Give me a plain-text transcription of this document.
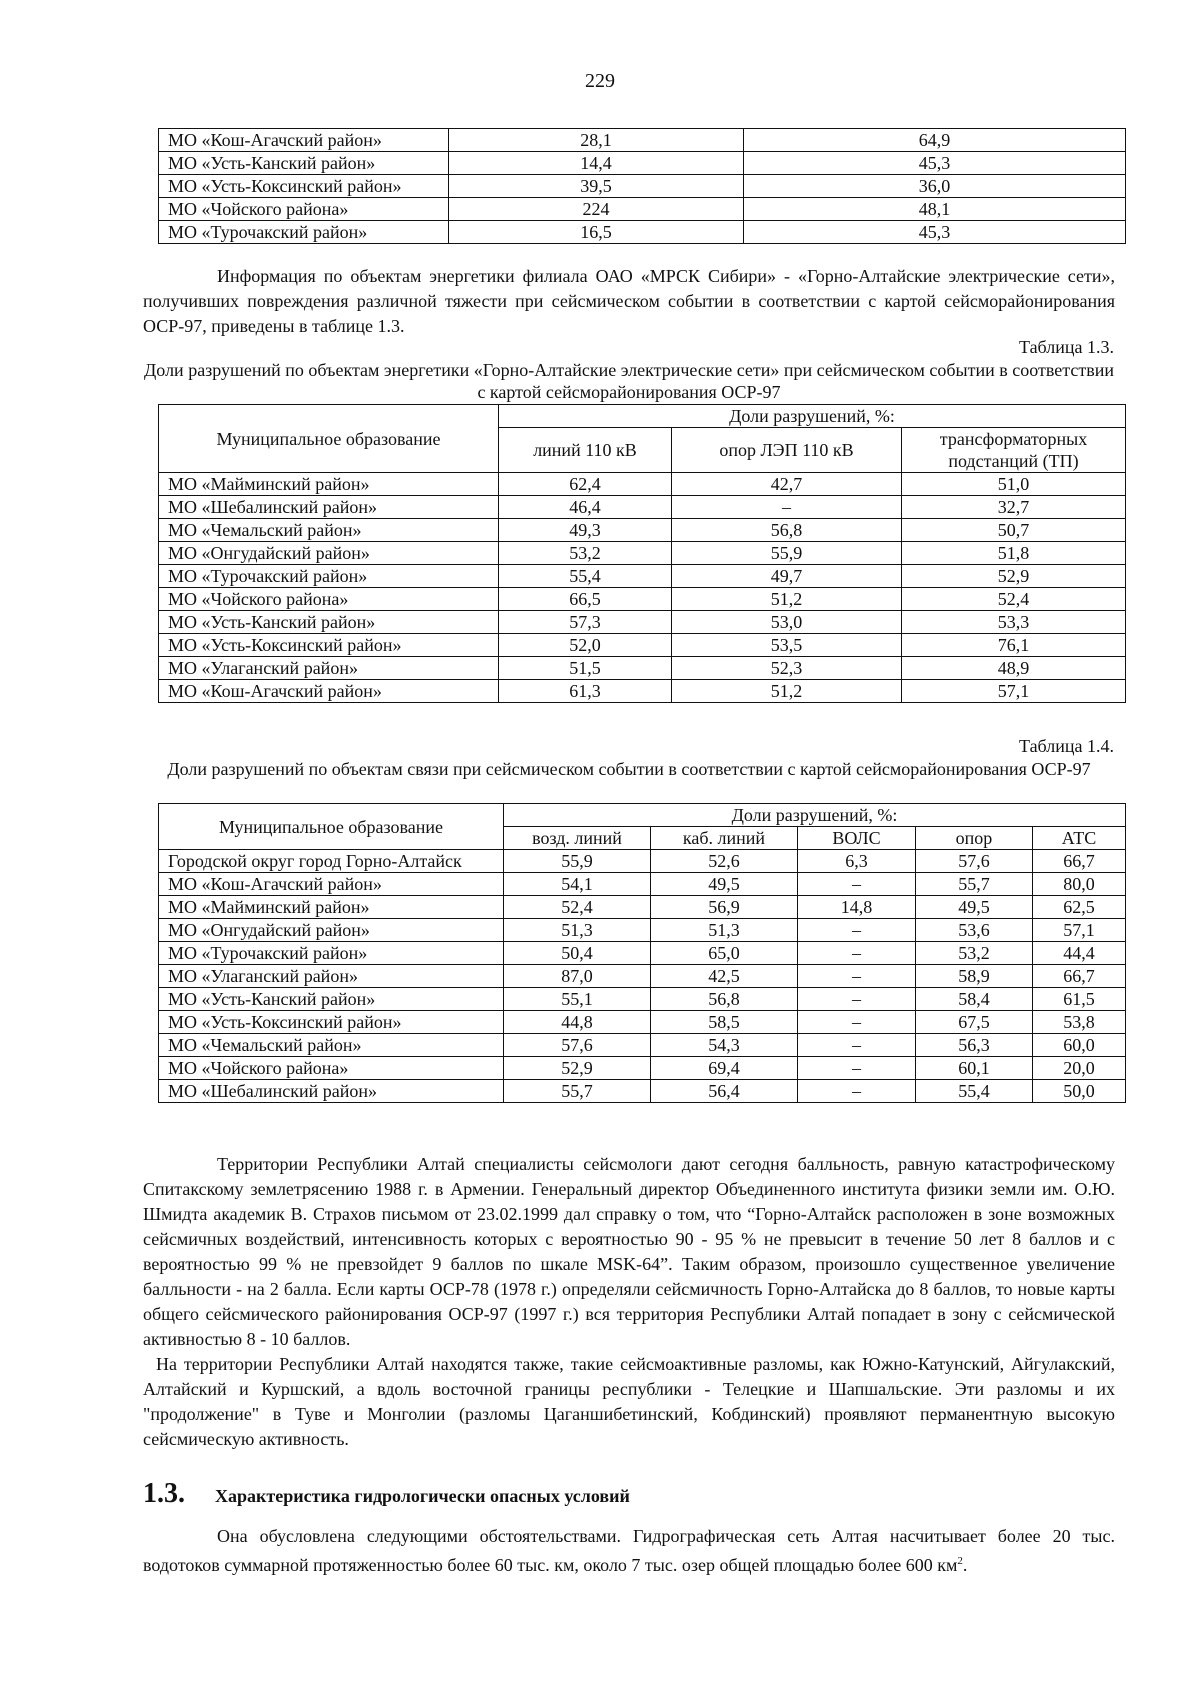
229
МО «Кош-Агачский район»	28,1	64,9
МО «Усть-Канский район»	14,4	45,3
МО «Усть-Коксинский район»	39,5	36,0
МО «Чойского района»	224	48,1
МО «Турочакский район»	16,5	45,3

Информация по объектам энергетики филиала ОАО «МРСК Сибири» - «Горно-Алтайские электрические сети», получивших повреждения различной тяжести при сейсмическом событии в соответствии с картой сейсморайонирования ОСР-97, приведены в таблице 1.3.

Таблица 1.3.

Доли разрушений по объектам энергетики «Горно-Алтайские электрические сети» при сейсмическом событии в соответствии с картой сейсморайонирования ОСР-97

Муниципальное образование	Доли разрушений, %:		
	линий 110 кВ	опор ЛЭП 110 кВ	трансформаторных подстанций (ТП)
МО «Майминский район»	62,4	42,7	51,0
МО «Шебалинский район»	46,4	–	32,7
МО «Чемальский район»	49,3	56,8	50,7
МО «Онгудайский район»	53,2	55,9	51,8
МО «Турочакский район»	55,4	49,7	52,9
МО «Чойского района»	66,5	51,2	52,4
МО «Усть-Канский район»	57,3	53,0	53,3
МО «Усть-Коксинский район»	52,0	53,5	76,1
МО «Улаганский район»	51,5	52,3	48,9
МО «Кош-Агачский район»	61,3	51,2	57,1
Таблица 1.4.

Доли разрушений по объектам связи при сейсмическом событии в соответствии с картой сейсморайонирования ОСР-97

Муниципальное образование	Доли разрушений, %:				
	возд. линий	каб. линий	ВОЛС	опор	АТС
Городской округ город Горно-Алтайск	55,9	52,6	6,3	57,6	66,7
МО «Кош-Агачский район»	54,1	49,5	–	55,7	80,0
МО «Майминский район»	52,4	56,9	14,8	49,5	62,5
МО «Онгудайский район»	51,3	51,3	–	53,6	57,1
МО «Турочакский район»	50,4	65,0	–	53,2	44,4
МО «Улаганский район»	87,0	42,5	–	58,9	66,7
МО «Усть-Канский район»	55,1	56,8	–	58,4	61,5
МО «Усть-Коксинский район»	44,8	58,5	–	67,5	53,8
МО «Чемальский район»	57,6	54,3	–	56,3	60,0
МО «Чойского района»	52,9	69,4	–	60,1	20,0
МО «Шебалинский район»	55,7	56,4	–	55,4	50,0

Территории Республики Алтай специалисты сейсмологи дают сегодня балльность, равную катастрофическому Спитакскому землетрясению 1988 г. в Армении. Генеральный директор Объединенного института физики земли им. О.Ю. Шмидта академик В. Страхов письмом от 23.02.1999 дал справку о том, что “Горно-Алтайск расположен в зоне возможных сейсмичных воздействий, интенсивность которых с вероятностью 90 - 95 % не превысит в течение 50 лет 8 баллов и с вероятностью 99 % не превзойдет 9 баллов по шкале MSK-64”. Таким образом, произошло существенное увеличение балльности - на 2 балла. Если карты ОСР-78 (1978 г.) определяли сейсмичность Горно-Алтайска до 8 баллов, то новые карты общего сейсмического районирования ОСР-97 (1997 г.) вся территория Республики Алтай попадает в зону с сейсмической активностью 8 - 10 баллов.

На территории Республики Алтай находятся также, такие сейсмоактивные разломы, как Южно-Катунский, Айгулакский, Алтайский и Куршский, а вдоль восточной границы республики - Телецкие и Шапшальские. Эти разломы и их "продолжение" в Туве и Монголии (разломы Цаганшибетинский, Кобдинский) проявляют перманентную высокую сейсмическую активность.

1.3.	Характеристика гидрологически опасных условий

Она обусловлена следующими обстоятельствами. Гидрографическая сеть Алтая насчитывает более 20 тыс. водотоков суммарной протяженностью более 60 тыс. км, около 7 тыс. озер общей площадью более 600 $км^2$.
